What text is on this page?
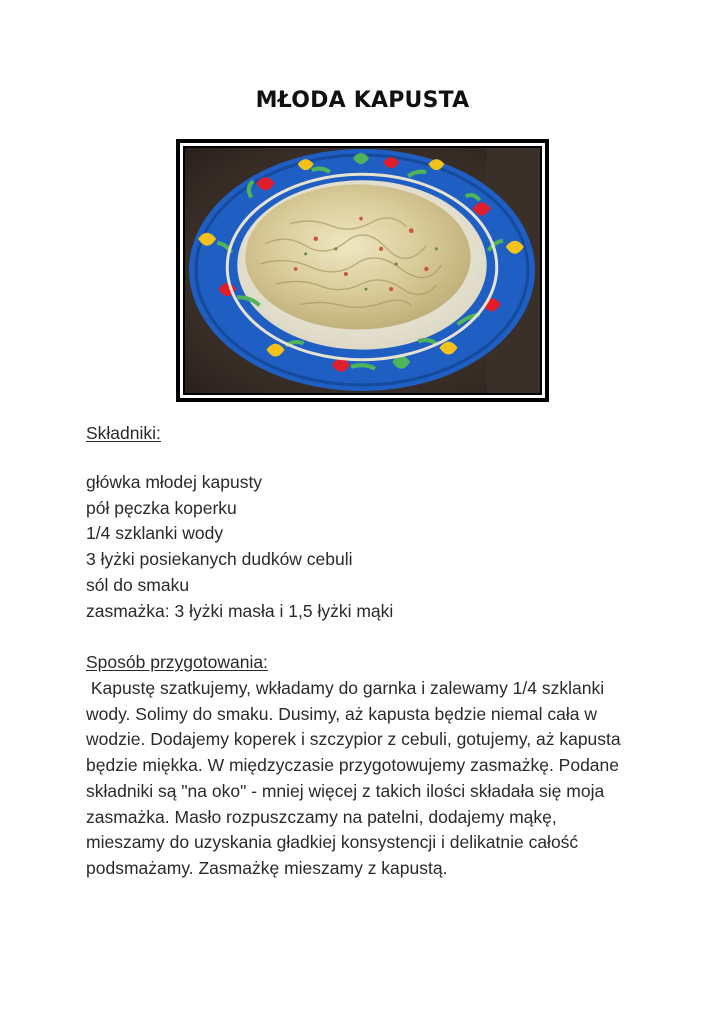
MŁODA KAPUSTA
Składniki:
główka młodej kapusty
pół pęczka koperku
1/4 szklanki wody
3 łyżki posiekanych dudków cebuli
sól do smaku
zasmażka: 3 łyżki masła i 1,5 łyżki mąki
Sposób przygotowania:

Kapustę szatkujemy, wkładamy do garnka i zalewamy 1/4 szklanki wody. Solimy do smaku. Dusimy, aż kapusta będzie niemal cała w wodzie. Dodajemy koperek i szczypior z cebuli, gotujemy, aż kapusta będzie miękka. W międzyczasie przygotowujemy zasmażkę. Podane składniki są "na oko" - mniej więcej z takich ilości składała się moja zasmażka. Masło rozpuszczamy na patelni, dodajemy mąkę, mieszamy do uzyskania gładkiej konsystencji i delikatnie całość podsmażamy. Zasmażkę mieszamy z kapustą.
